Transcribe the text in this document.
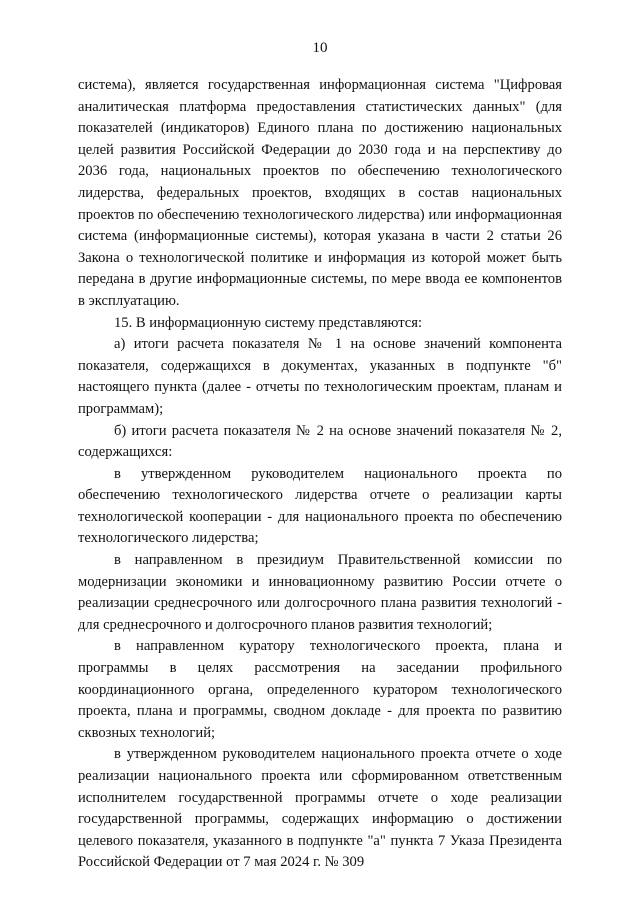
10

система), является государственная информационная система "Цифровая аналитическая платформа предоставления статистических данных" (для показателей (индикаторов) Единого плана по достижению национальных целей развития Российской Федерации до 2030 года и на перспективу до 2036 года, национальных проектов по обеспечению технологического лидерства, федеральных проектов, входящих в состав национальных проектов по обеспечению технологического лидерства) или информационная система (информационные системы), которая указана в части 2 статьи 26 Закона о технологической политике и информация из которой может быть передана в другие информационные системы, по мере ввода ее компонентов в эксплуатацию.

15. В информационную систему представляются:

а) итоги расчета показателя № 1 на основе значений компонента показателя, содержащихся в документах, указанных в подпункте "б" настоящего пункта (далее - отчеты по технологическим проектам, планам и программам);

б) итоги расчета показателя № 2 на основе значений показателя № 2, содержащихся:

в утвержденном руководителем национального проекта по обеспечению технологического лидерства отчете о реализации карты технологической кооперации - для национального проекта по обеспечению технологического лидерства;

в направленном в президиум Правительственной комиссии по модернизации экономики и инновационному развитию России отчете о реализации среднесрочного или долгосрочного плана развития технологий - для среднесрочного и долгосрочного планов развития технологий;

в направленном куратору технологического проекта, плана и программы в целях рассмотрения на заседании профильного координационного органа, определенного куратором технологического проекта, плана и программы, сводном докладе - для проекта по развитию сквозных технологий;

в утвержденном руководителем национального проекта отчете о ходе реализации национального проекта или сформированном ответственным исполнителем государственной программы отчете о ходе реализации государственной программы, содержащих информацию о достижении целевого показателя, указанного в подпункте "а" пункта 7 Указа Президента Российской Федерации от 7 мая 2024 г. № 309
